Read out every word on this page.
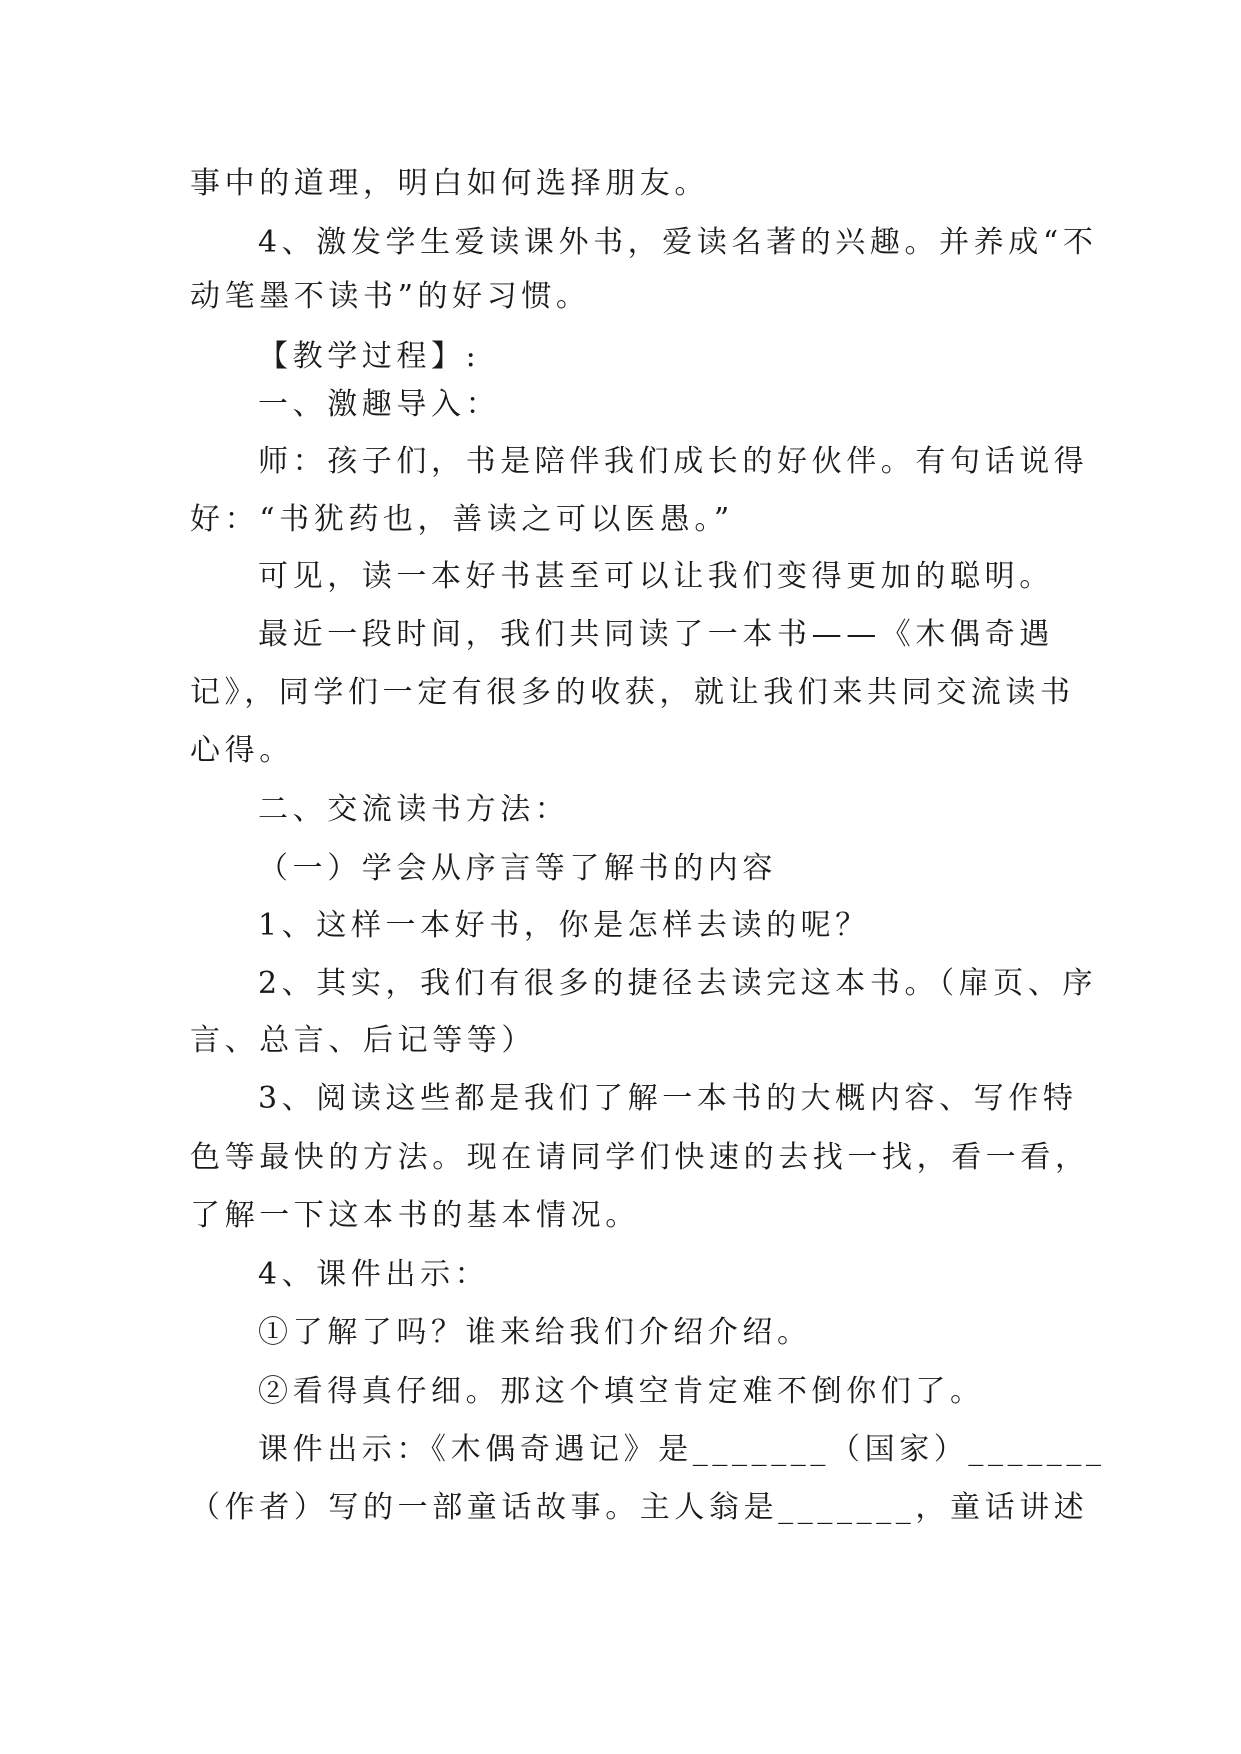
事中的道理，明白如何选择朋友。
4、激发学生爱读课外书，爱读名著的兴趣。并养成“不
动笔墨不读书”的好习惯。
【教学过程】:
一、激趣导入：
师：孩子们，书是陪伴我们成长的好伙伴。有句话说得
好：“书犹药也，善读之可以医愚。”
可见，读一本好书甚至可以让我们变得更加的聪明。
最近一段时间，我们共同读了一本书——《木偶奇遇
记》，同学们一定有很多的收获，就让我们来共同交流读书
心得。
二、交流读书方法：
（一）学会从序言等了解书的内容
1、这样一本好书，你是怎样去读的呢？
2、其实，我们有很多的捷径去读完这本书。（扉页、序
言、总言、后记等等）
3、阅读这些都是我们了解一本书的大概内容、写作特
色等最快的方法。现在请同学们快速的去找一找，看一看，
了解一下这本书的基本情况。
4、课件出示：
①了解了吗？谁来给我们介绍介绍。
②看得真仔细。那这个填空肯定难不倒你们了。
课件出示：《木偶奇遇记》是_______（国家）_______
（作者）写的一部童话故事。主人翁是_______，童话讲述
